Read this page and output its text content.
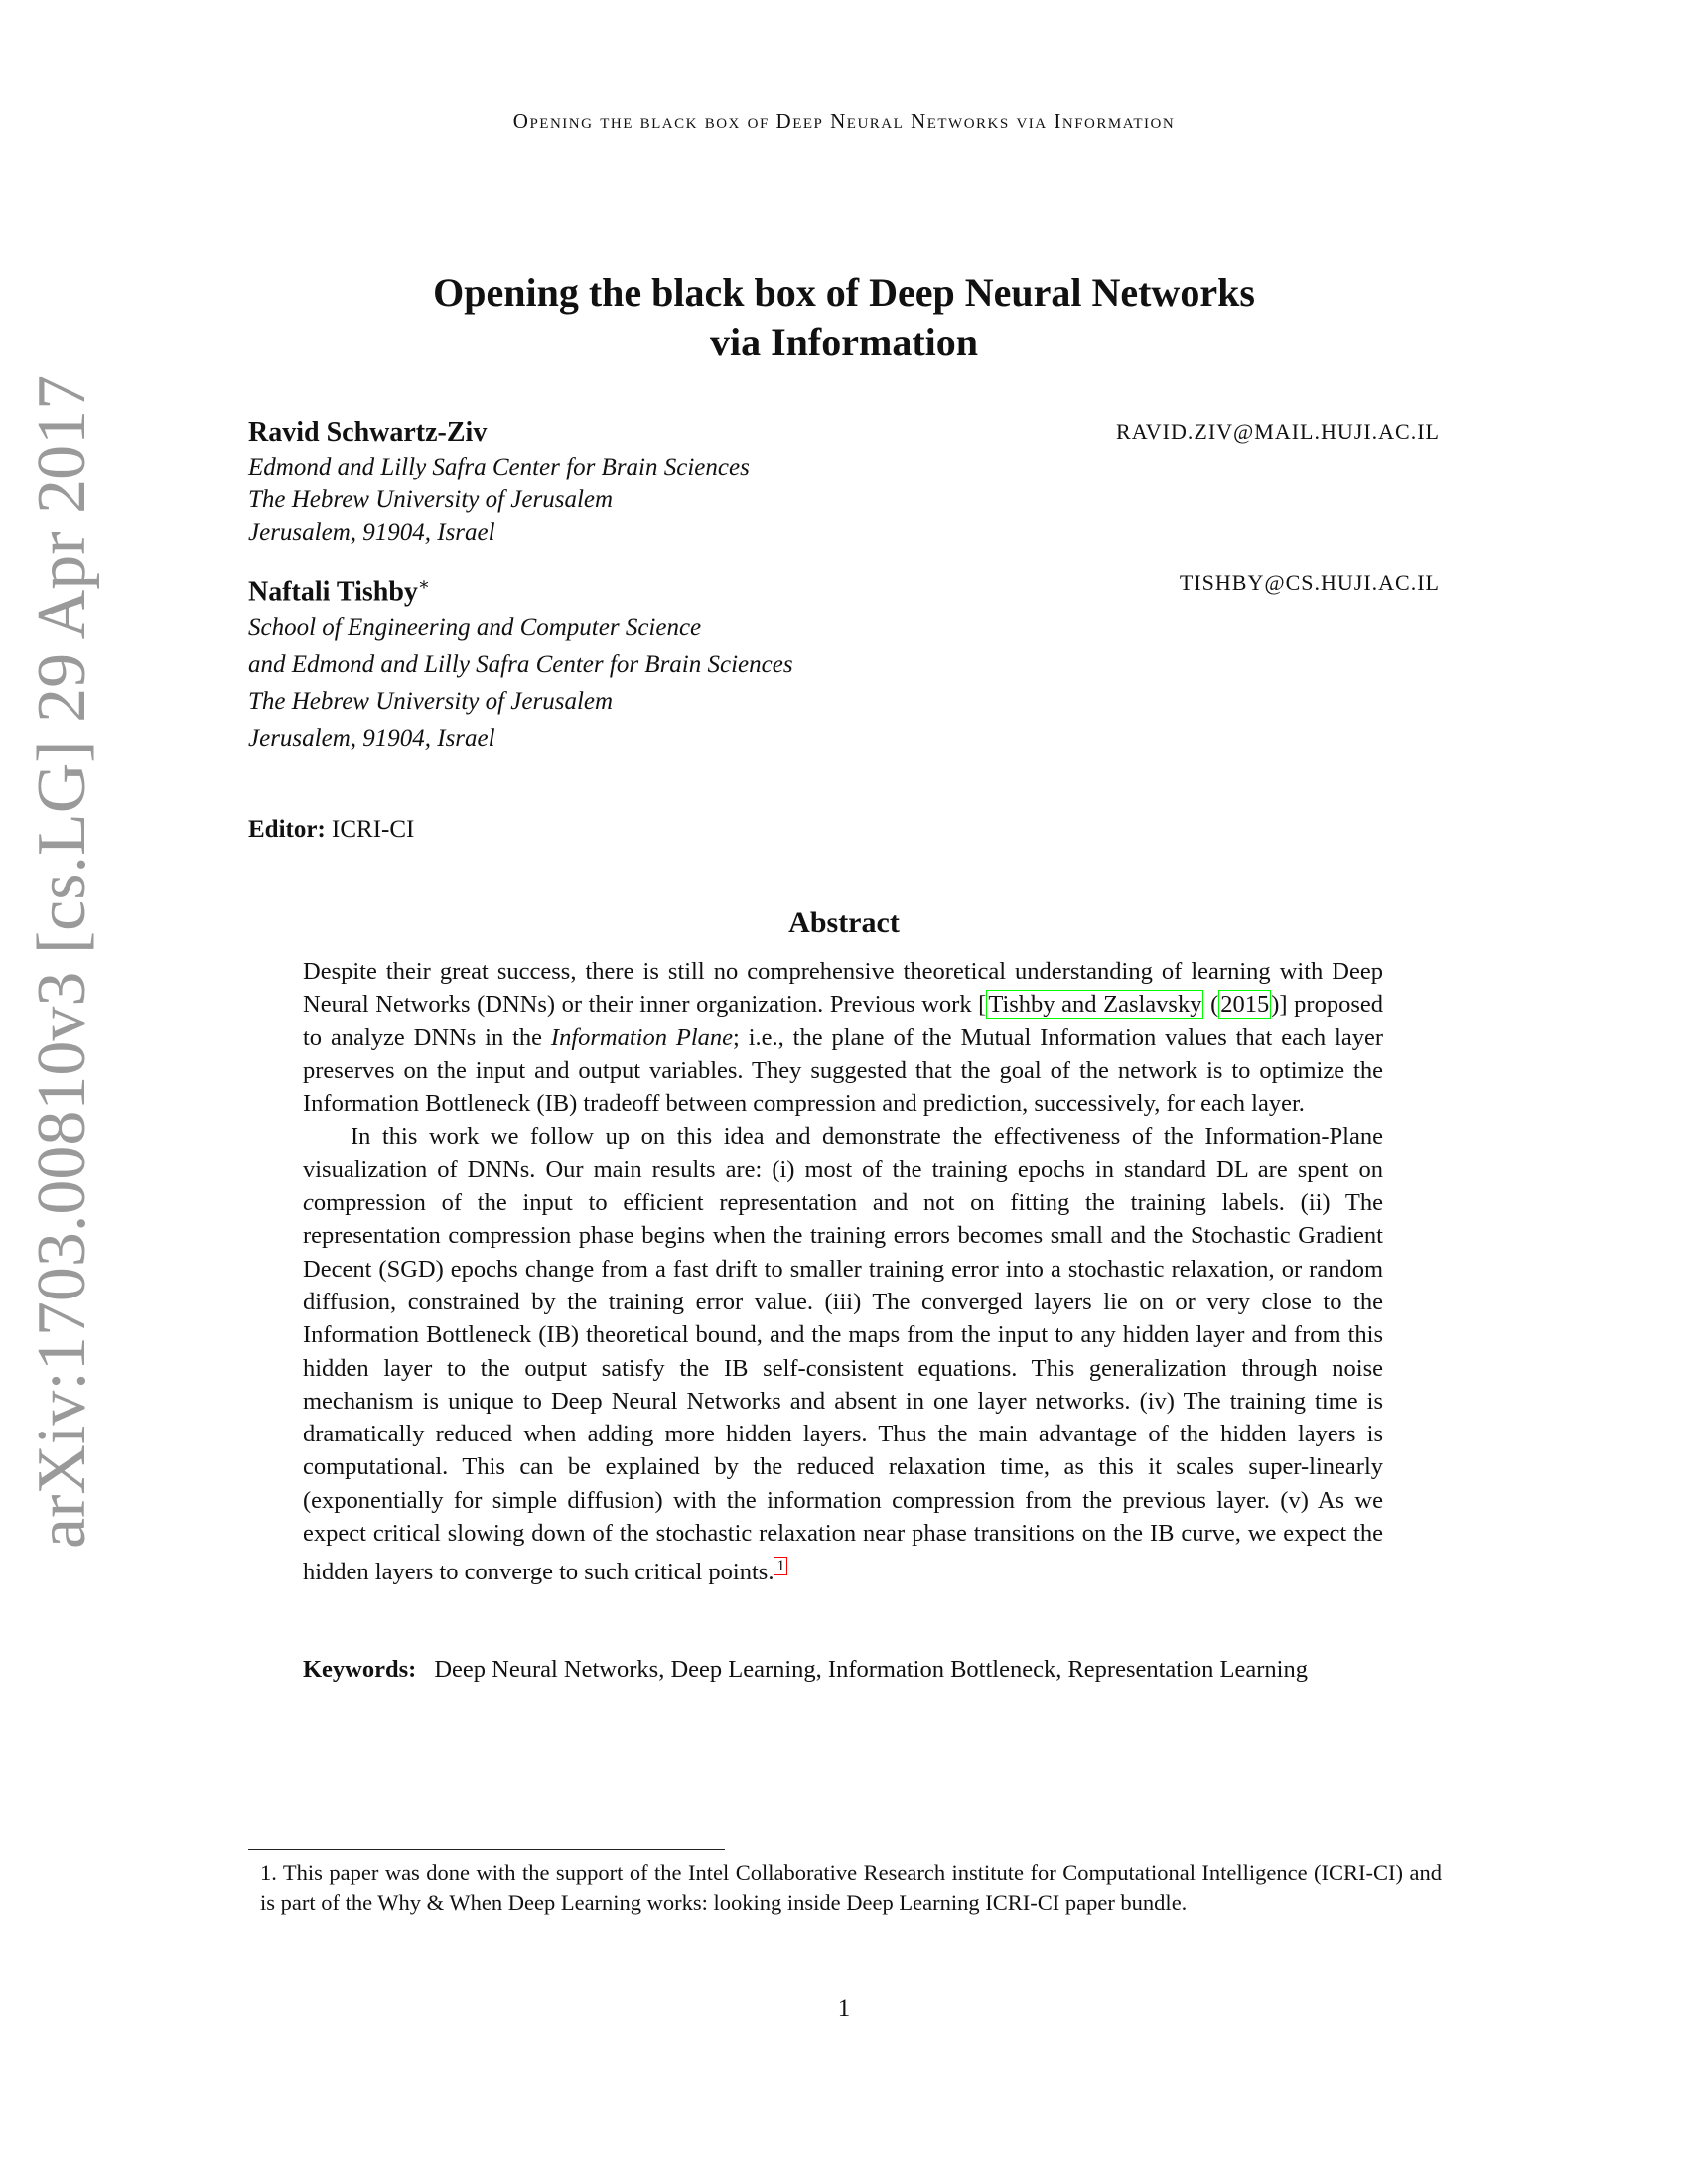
Opening the black box of Deep Neural Networks via Information
arXiv:1703.00810v3 [cs.LG] 29 Apr 2017
Opening the black box of Deep Neural Networks
via Information
Ravid Schwartz-Ziv	RAVID.ZIV@MAIL.HUJI.AC.IL
Edmond and Lilly Safra Center for Brain Sciences
The Hebrew University of Jerusalem
Jerusalem, 91904, Israel
Naftali Tishby∗	TISHBY@CS.HUJI.AC.IL
School of Engineering and Computer Science
and Edmond and Lilly Safra Center for Brain Sciences
The Hebrew University of Jerusalem
Jerusalem, 91904, Israel
Editor: ICRI-CI
Abstract

Despite their great success, there is still no comprehensive theoretical understanding of learning with Deep Neural Networks (DNNs) or their inner organization. Previous work [Tishby and Zaslavsky (2015)] proposed to analyze DNNs in the Information Plane; i.e., the plane of the Mutual Information values that each layer preserves on the input and output variables. They suggested that the goal of the network is to optimize the Information Bottleneck (IB) tradeoff between compression and prediction, successively, for each layer.

In this work we follow up on this idea and demonstrate the effectiveness of the Information-Plane visualization of DNNs. Our main results are: (i) most of the training epochs in standard DL are spent on compression of the input to efficient representation and not on fitting the training labels. (ii) The representation compression phase begins when the training errors becomes small and the Stochastic Gradient Decent (SGD) epochs change from a fast drift to smaller training error into a stochastic relaxation, or random diffusion, constrained by the training error value. (iii) The converged layers lie on or very close to the Information Bottleneck (IB) theoretical bound, and the maps from the input to any hidden layer and from this hidden layer to the output satisfy the IB self-consistent equations. This generalization through noise mechanism is unique to Deep Neural Networks and absent in one layer networks. (iv) The training time is dramatically reduced when adding more hidden layers. Thus the main advantage of the hidden layers is computational. This can be explained by the reduced relaxation time, as this it scales super-linearly (exponentially for simple diffusion) with the information compression from the previous layer. (v) As we expect critical slowing down of the stochastic relaxation near phase transitions on the IB curve, we expect the hidden layers to converge to such critical points. $^1$

Keywords: Deep Neural Networks, Deep Learning, Information Bottleneck, Representation Learning
1. This paper was done with the support of the Intel Collaborative Research institute for Computational Intelligence (ICRI-CI) and is part of the Why & When Deep Learning works: looking inside Deep Learning ICRI-CI paper bundle.
1
